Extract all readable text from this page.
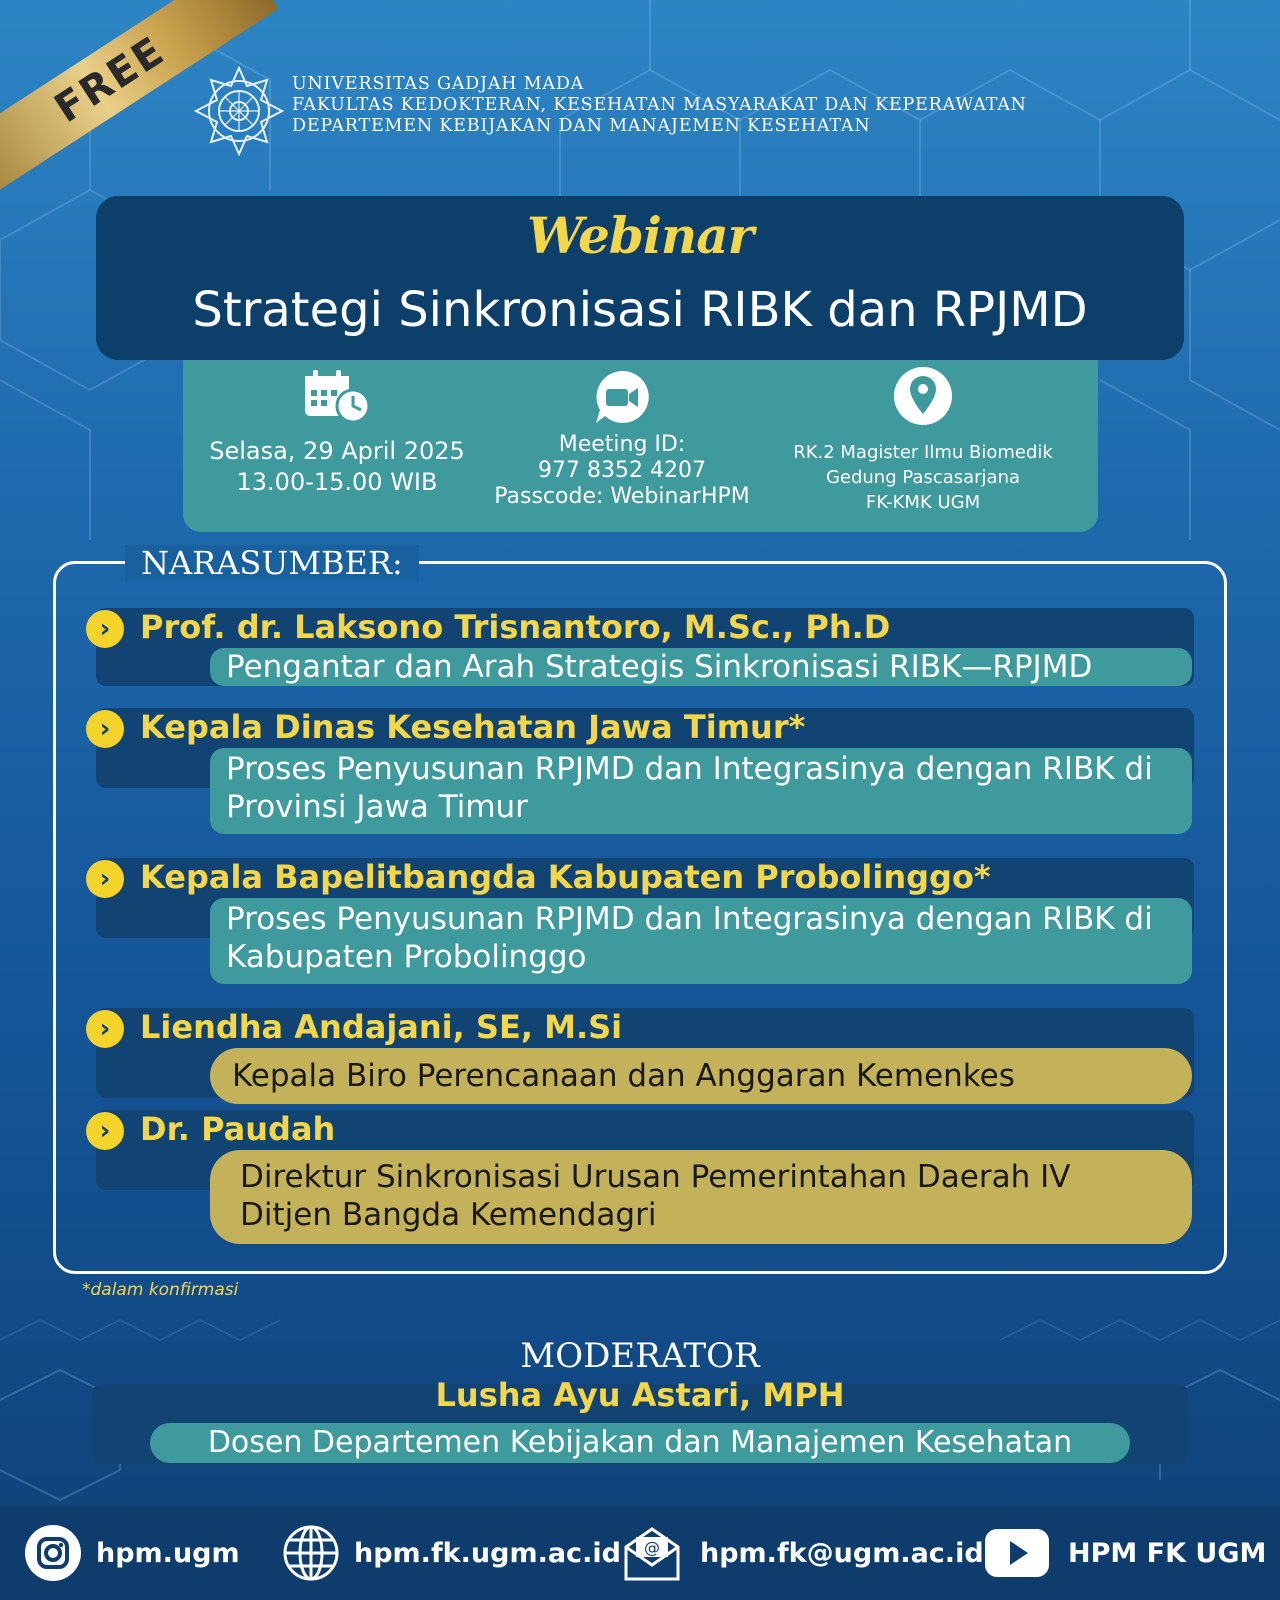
FREE	UNIVERSITAS GADJAH MADA
FAKULTAS KEDOKTERAN, KESEHATAN MASYARAKAT DAN KEPERAWATAN
DEPARTEMEN KEBIJAKAN DAN MANAJEMEN KESEHATAN
Webinar
Strategi Sinkronisasi RIBK dan RPJMD
Selasa, 29 April 2025
13.00-15.00 WIB
Meeting ID:
977 8352 4207
Passcode: WebinarHPM
RK.2 Magister Ilmu Biomedik
Gedung Pascasarjana
FK-KMK UGM
NARASUMBER:
› Prof. dr. Laksono Trisnantoro, M.Sc., Ph.D
Pengantar dan Arah Strategis Sinkronisasi RIBK—RPJMD
› Kepala Dinas Kesehatan Jawa Timur*
Proses Penyusunan RPJMD dan Integrasinya dengan RIBK di
Provinsi Jawa Timur
› Kepala Bapelitbangda Kabupaten Probolinggo*
Proses Penyusunan RPJMD dan Integrasinya dengan RIBK di
Kabupaten Probolinggo
› Liendha Andajani, SE, M.Si
Kepala Biro Perencanaan dan Anggaran Kemenkes
› Dr. Paudah
Direktur Sinkronisasi Urusan Pemerintahan Daerah IV
Ditjen Bangda Kemendagri
*dalam konfirmasi
MODERATOR
Lusha Ayu Astari, MPH
Dosen Departemen Kebijakan dan Manajemen Kesehatan
hpm.ugm	hpm.fk.ugm.ac.id @ hpm.fk@ugm.ac.id	HPM FK UGM
